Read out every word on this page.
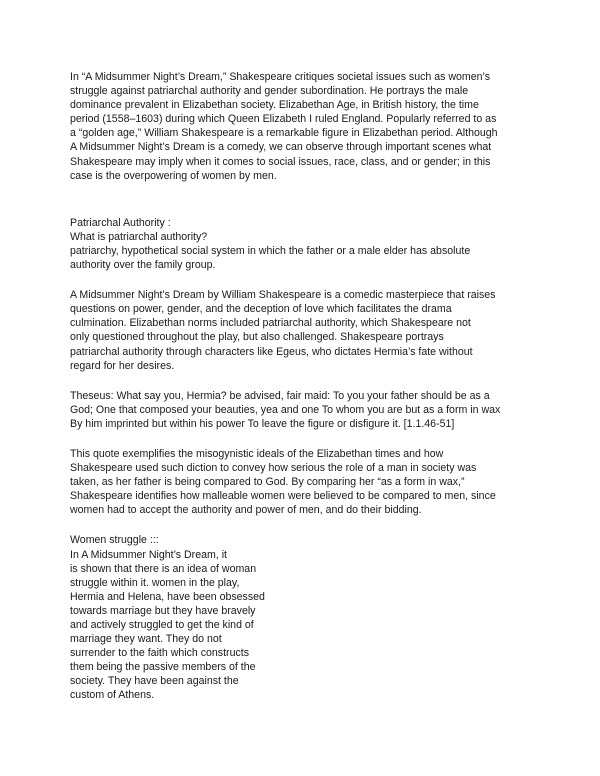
In “A Midsummer Night’s Dream,” Shakespeare critiques societal issues such as women’s
struggle against patriarchal authority and gender subordination. He portrays the male
dominance prevalent in Elizabethan society. Elizabethan Age, in British history, the time
period (1558–1603) during which Queen Elizabeth I ruled England. Popularly referred to as
a “golden age,” William Shakespeare is a remarkable figure in Elizabethan period. Although
A Midsummer Night’s Dream is a comedy, we can observe through important scenes what
Shakespeare may imply when it comes to social issues, race, class, and or gender; in this
case is the overpowering of women by men.

Patriarchal Authority :
What is patriarchal authority?
patriarchy, hypothetical social system in which the father or a male elder has absolute
authority over the family group.

A Midsummer Night’s Dream by William Shakespeare is a comedic masterpiece that raises
questions on power, gender, and the deception of love which facilitates the drama
culmination. Elizabethan norms included patriarchal authority, which Shakespeare not
only questioned throughout the play, but also challenged. Shakespeare portrays
patriarchal authority through characters like Egeus, who dictates Hermia’s fate without
regard for her desires.

Theseus: What say you, Hermia? be advised, fair maid: To you your father should be as a
God; One that composed your beauties, yea and one To whom you are but as a form in wax
By him imprinted but within his power To leave the figure or disfigure it. [1.1.46-51]

This quote exemplifies the misogynistic ideals of the Elizabethan times and how
Shakespeare used such diction to convey how serious the role of a man in society was
taken, as her father is being compared to God. By comparing her “as a form in wax,”
Shakespeare identifies how malleable women were believed to be compared to men, since
women had to accept the authority and power of men, and do their bidding.

Women struggle :::
In A Midsummer Night’s Dream, it
is shown that there is an idea of woman
struggle within it. women in the play,
Hermia and Helena, have been obsessed
towards marriage but they have bravely
and actively struggled to get the kind of
marriage they want. They do not
surrender to the faith which constructs
them being the passive members of the
society. They have been against the
custom of Athens.
